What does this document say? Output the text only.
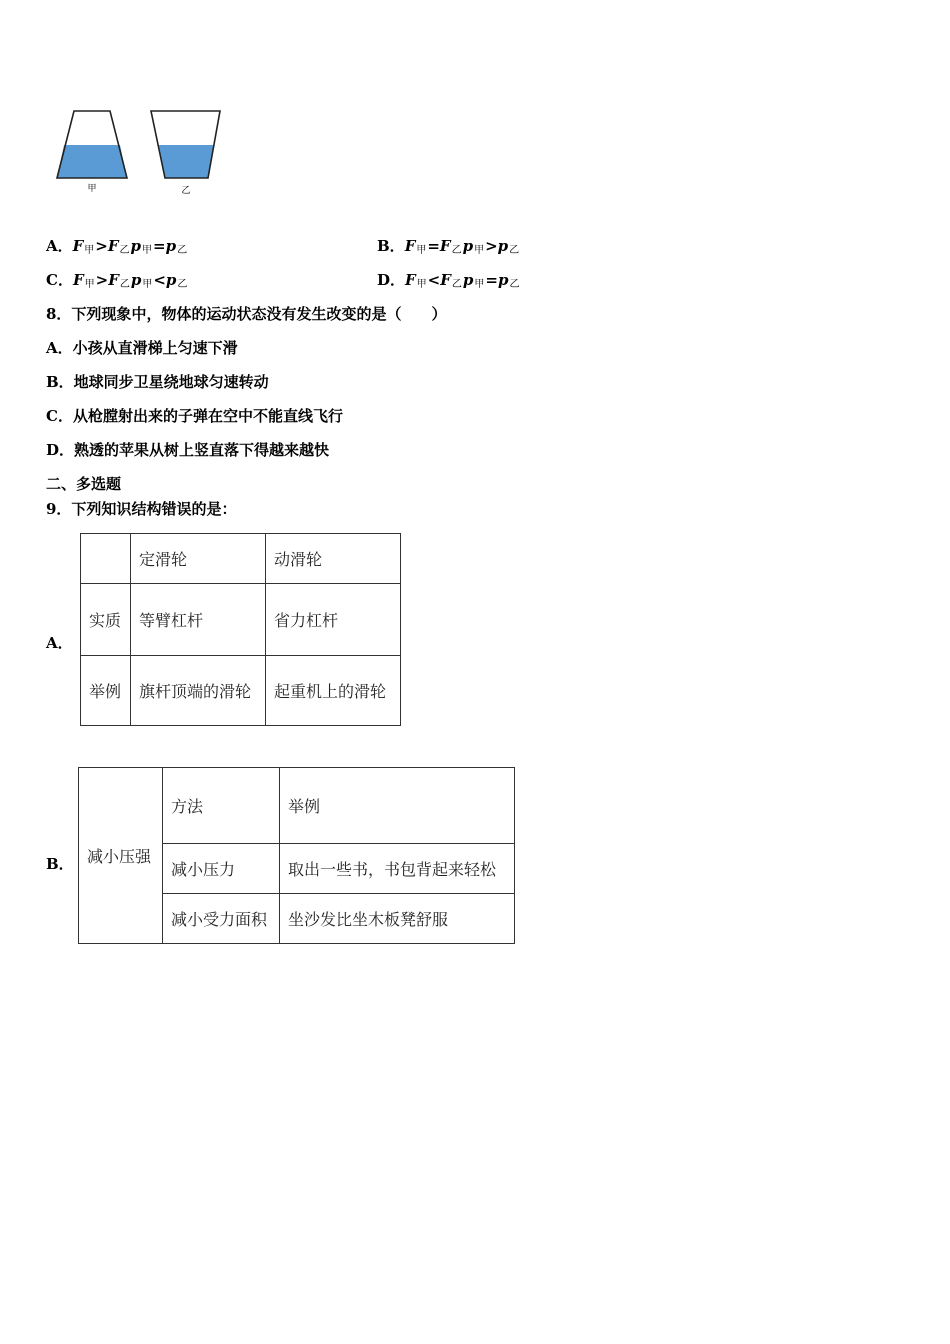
甲	乙
A．$F_甲>F_乙p_甲=p_乙$	B．$F_甲=F_乙p_甲>p_乙$
C．$F_甲>F_乙p_甲<p_乙$	D．$F_甲<F_乙p_甲=p_乙$
8．下列现象中，物体的运动状态没有发生改变的是（　　）
A．小孩从直滑梯上匀速下滑
B．地球同步卫星绕地球匀速转动
C．从枪膛射出来的子弹在空中不能直线飞行
D．熟透的苹果从树上竖直落下得越来越快
二、多选题
9．下列知识结构错误的是：
A．
	定滑轮	动滑轮
实质	等臂杠杆	省力杠杆
举例	旗杆顶端的滑轮	起重机上的滑轮
B． 减小压强	方法	举例
	减小压力	取出一些书，书包背起来轻松
	减小受力面积	坐沙发比坐木板凳舒服
